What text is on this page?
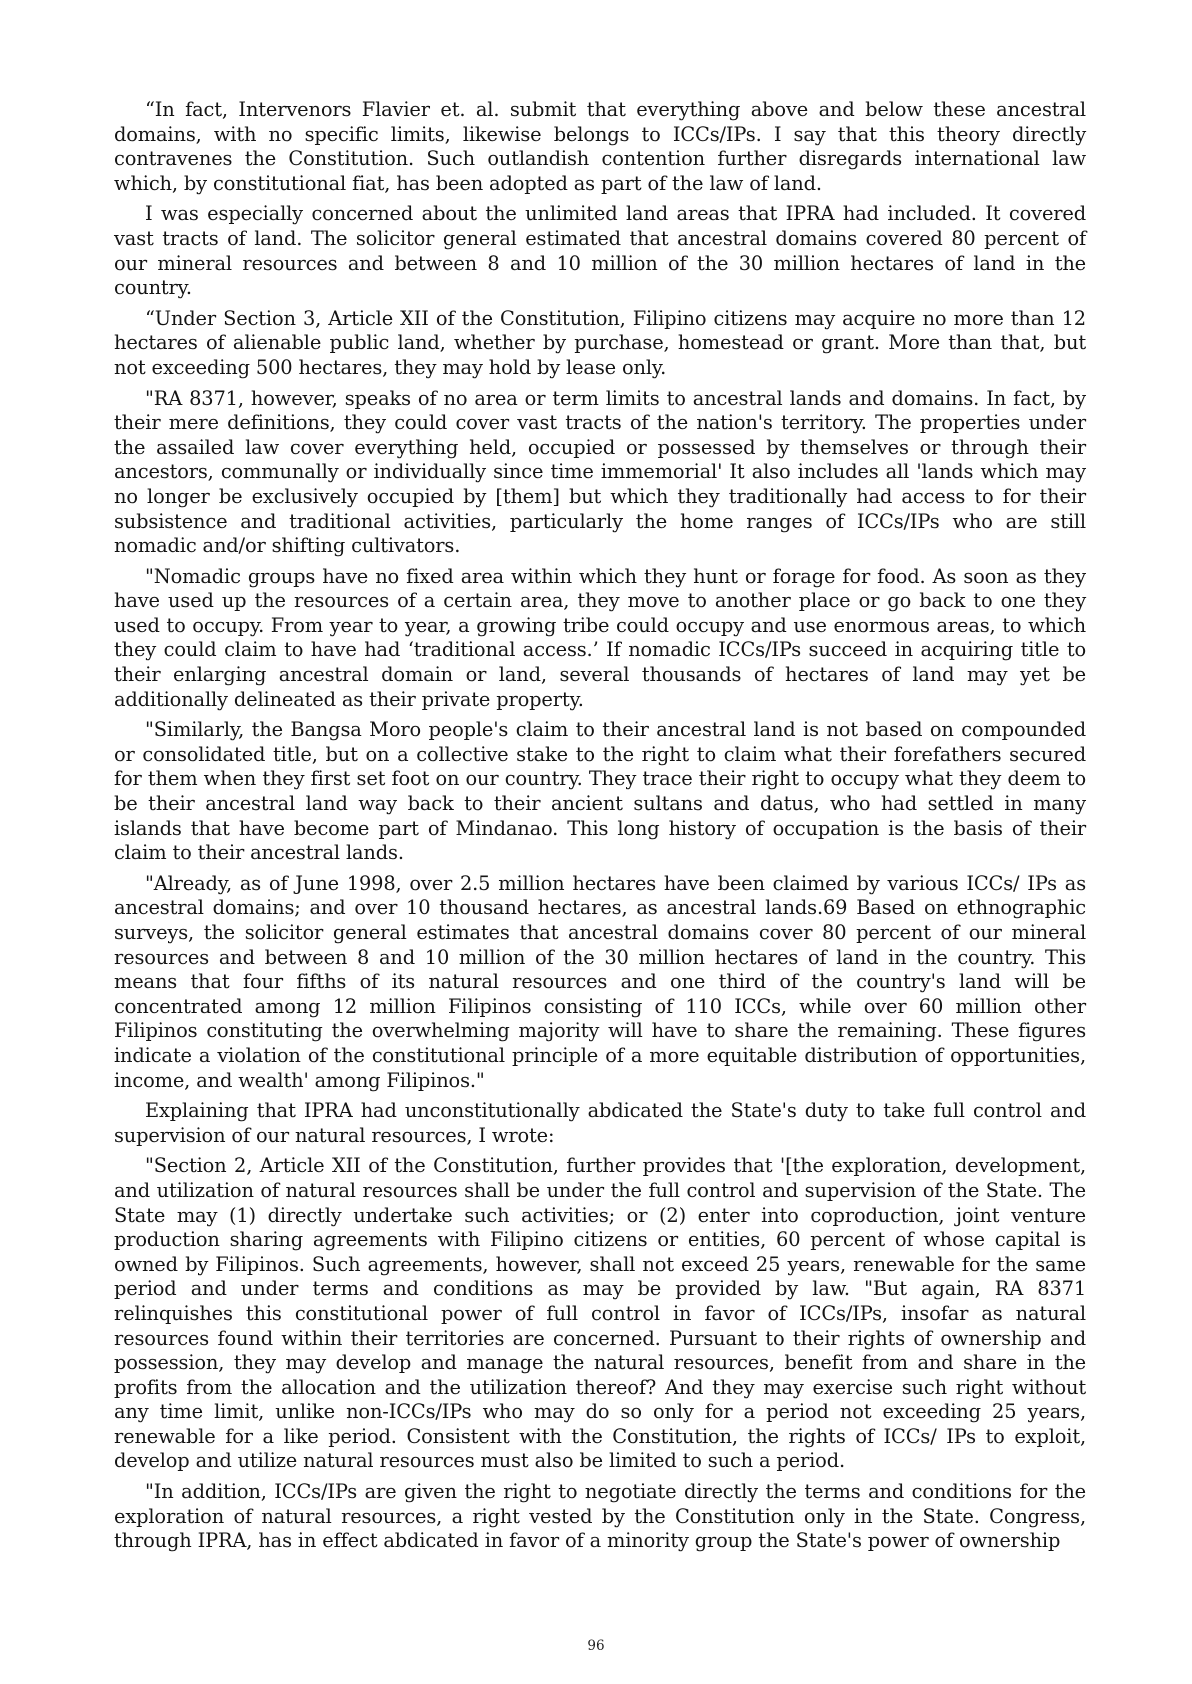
“In fact, Intervenors Flavier et. al. submit that everything above and below these ancestral domains, with no specific limits, likewise belongs to ICCs/IPs. I say that this theory directly contravenes the Constitution. Such outlandish contention further disregards international law which, by constitutional fiat, has been adopted as part of the law of land.

I was especially concerned about the unlimited land areas that IPRA had included. It covered vast tracts of land. The solicitor general estimated that ancestral domains covered 80 percent of our mineral resources and between 8 and 10 million of the 30 million hectares of land in the country.

“Under Section 3, Article XII of the Constitution, Filipino citizens may acquire no more than 12 hectares of alienable public land, whether by purchase, homestead or grant. More than that, but not exceeding 500 hectares, they may hold by lease only.

"RA 8371, however, speaks of no area or term limits to ancestral lands and domains. In fact, by their mere definitions, they could cover vast tracts of the nation's territory. The properties under the assailed law cover everything held, occupied or possessed by themselves or through their ancestors, communally or individually since time immemorial' It also includes all 'lands which may no longer be exclusively occupied by [them] but which they traditionally had access to for their subsistence and traditional activities, particularly the home ranges of ICCs/IPs who are still nomadic and/or shifting cultivators.

"Nomadic groups have no fixed area within which they hunt or forage for food. As soon as they have used up the resources of a certain area, they move to another place or go back to one they used to occupy. From year to year, a growing tribe could occupy and use enormous areas, to which they could claim to have had ‘traditional access.’ If nomadic ICCs/IPs succeed in acquiring title to their enlarging ancestral domain or land, several thousands of hectares of land may yet be additionally delineated as their private property.

"Similarly, the Bangsa Moro people's claim to their ancestral land is not based on compounded or consolidated title, but on a collective stake to the right to claim what their forefathers secured for them when they first set foot on our country. They trace their right to occupy what they deem to be their ancestral land way back to their ancient sultans and datus, who had settled in many islands that have become part of Mindanao. This long history of occupation is the basis of their claim to their ancestral lands.

"Already, as of June 1998, over 2.5 million hectares have been claimed by various ICCs/ IPs as ancestral domains; and over 10 thousand hectares, as ancestral lands.69 Based on ethnographic surveys, the solicitor general estimates that ancestral domains cover 80 percent of our mineral resources and between 8 and 10 million of the 30 million hectares of land in the country. This means that four fifths of its natural resources and one third of the country's land will be concentrated among 12 million Filipinos consisting of 110 ICCs, while over 60 million other Filipinos constituting the overwhelming majority will have to share the remaining. These figures indicate a violation of the constitutional principle of a more equitable distribution of opportunities, income, and wealth' among Filipinos."

Explaining that IPRA had unconstitutionally abdicated the State's duty to take full control and supervision of our natural resources, I wrote:

"Section 2, Article XII of the Constitution, further provides that '[the exploration, development, and utilization of natural resources shall be under the full control and supervision of the State. The State may (1) directly undertake such activities; or (2) enter into coproduction, joint venture production sharing agreements with Filipino citizens or entities, 60 percent of whose capital is owned by Filipinos. Such agreements, however, shall not exceed 25 years, renewable for the same period and under terms and conditions as may be provided by law. "But again, RA 8371 relinquishes this constitutional power of full control in favor of ICCs/IPs, insofar as natural resources found within their territories are concerned. Pursuant to their rights of ownership and possession, they may develop and manage the natural resources, benefit from and share in the profits from the allocation and the utilization thereof? And they may exercise such right without any time limit, unlike non-ICCs/IPs who may do so only for a period not exceeding 25 years, renewable for a like period. Consistent with the Constitution, the rights of ICCs/ IPs to exploit, develop and utilize natural resources must also be limited to such a period.

"In addition, ICCs/IPs are given the right to negotiate directly the terms and conditions for the exploration of natural resources, a right vested by the Constitution only in the State. Congress, through IPRA, has in effect abdicated in favor of a minority group the State's power of ownership

96
